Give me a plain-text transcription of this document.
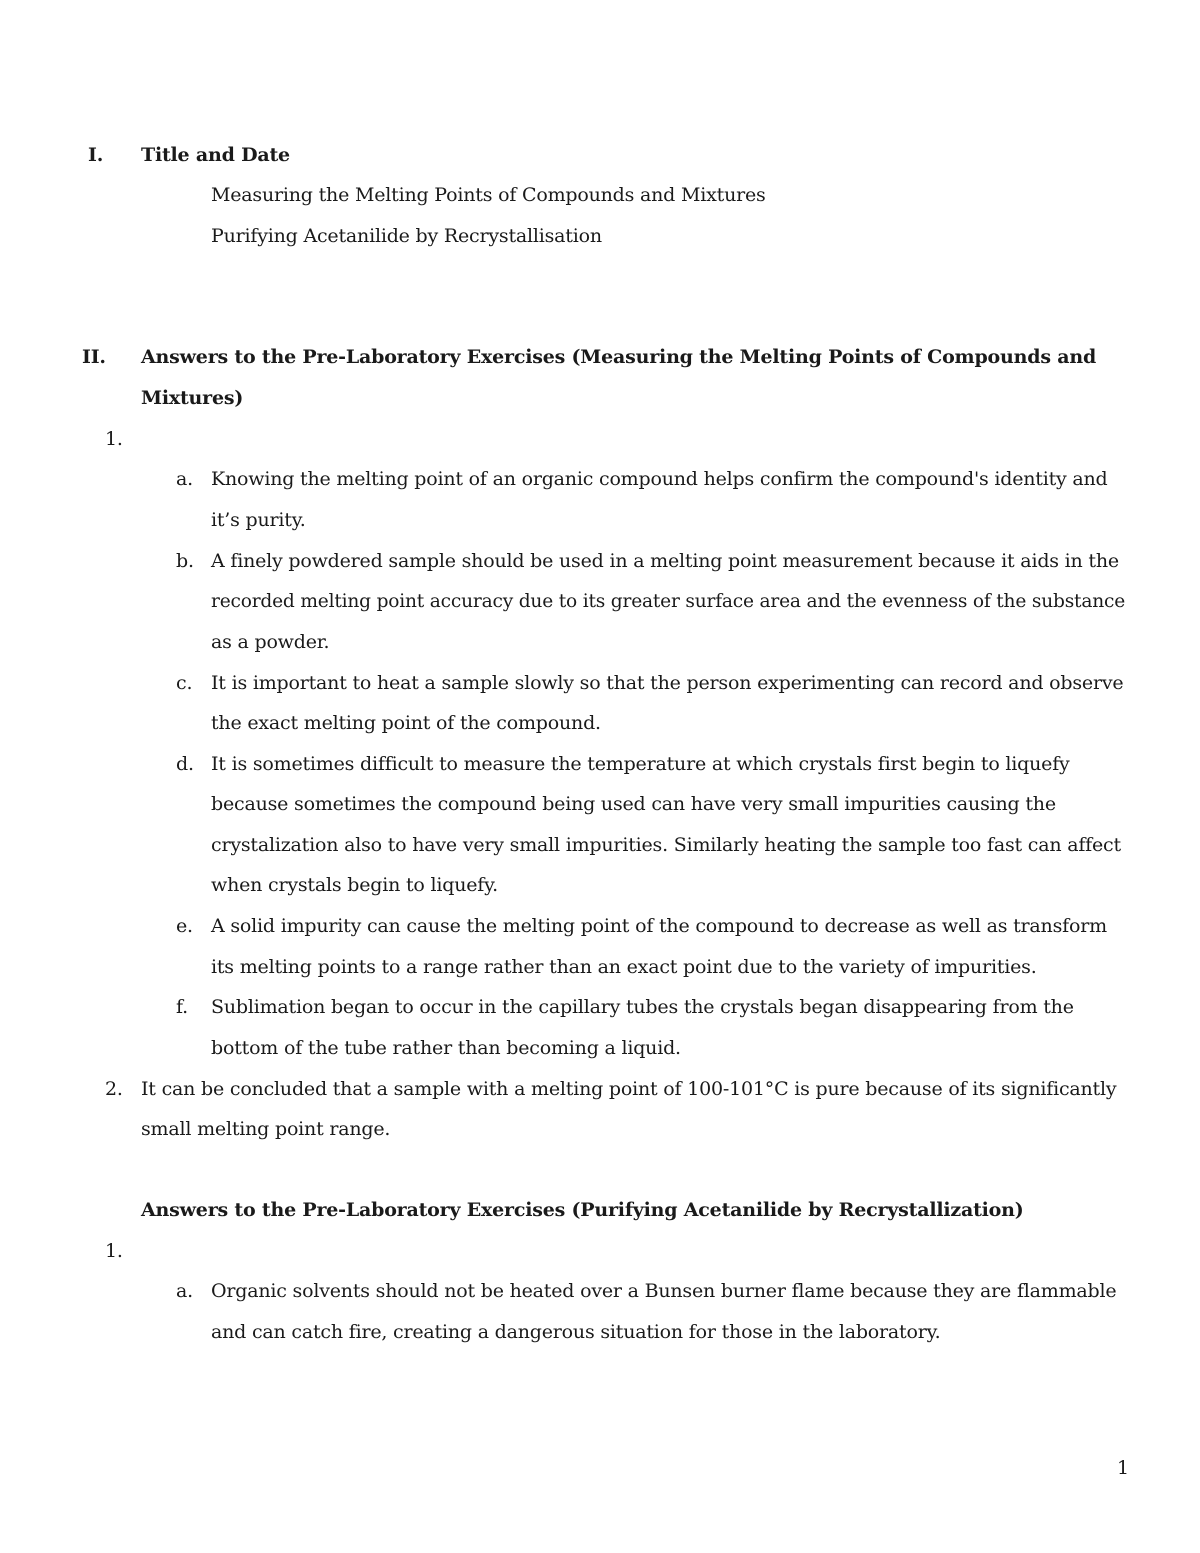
I. Title and Date
Measuring the Melting Points of Compounds and Mixtures
Purifying Acetanilide by Recrystallisation
II. Answers to the Pre-Laboratory Exercises (Measuring the Melting Points of Compounds and
Mixtures)
1.
a. Knowing the melting point of an organic compound helps confirm the compound's identity and
it’s purity.
b. A finely powdered sample should be used in a melting point measurement because it aids in the
recorded melting point accuracy due to its greater surface area and the evenness of the substance
as a powder.
c. It is important to heat a sample slowly so that the person experimenting can record and observe
the exact melting point of the compound.
d. It is sometimes difficult to measure the temperature at which crystals first begin to liquefy
because sometimes the compound being used can have very small impurities causing the
crystalization also to have very small impurities. Similarly heating the sample too fast can affect
when crystals begin to liquefy.
e. A solid impurity can cause the melting point of the compound to decrease as well as transform
its melting points to a range rather than an exact point due to the variety of impurities.
f. Sublimation began to occur in the capillary tubes the crystals began disappearing from the
bottom of the tube rather than becoming a liquid.
2. It can be concluded that a sample with a melting point of 100-101°C is pure because of its significantly
small melting point range.
Answers to the Pre-Laboratory Exercises (Purifying Acetanilide by Recrystallization)
1.
a. Organic solvents should not be heated over a Bunsen burner flame because they are flammable
and can catch fire, creating a dangerous situation for those in the laboratory.
1
